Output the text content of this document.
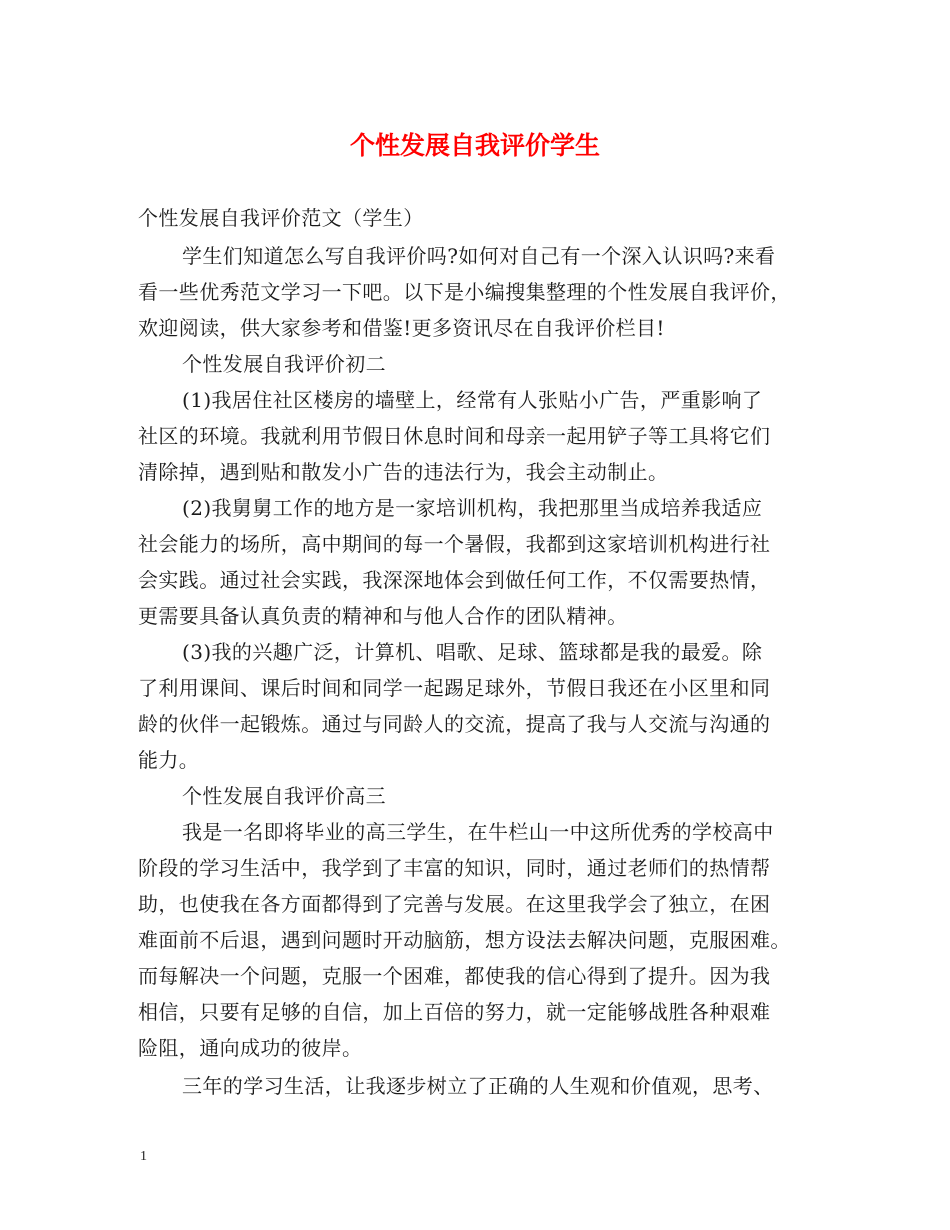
个性发展自我评价学生
个性发展自我评价范文（学生）
学生们知道怎么写自我评价吗?如何对自己有一个深入认识吗?来看
看一些优秀范文学习一下吧。以下是小编搜集整理的个性发展自我评价，
欢迎阅读，供大家参考和借鉴!更多资讯尽在自我评价栏目!
个性发展自我评价初二
(1)我居住社区楼房的墙壁上，经常有人张贴小广告，严重影响了
社区的环境。我就利用节假日休息时间和母亲一起用铲子等工具将它们
清除掉，遇到贴和散发小广告的违法行为，我会主动制止。
(2)我舅舅工作的地方是一家培训机构，我把那里当成培养我适应
社会能力的场所，高中期间的每一个暑假，我都到这家培训机构进行社
会实践。通过社会实践，我深深地体会到做任何工作，不仅需要热情，
更需要具备认真负责的精神和与他人合作的团队精神。
(3)我的兴趣广泛，计算机、唱歌、足球、篮球都是我的最爱。除
了利用课间、课后时间和同学一起踢足球外，节假日我还在小区里和同
龄的伙伴一起锻炼。通过与同龄人的交流，提高了我与人交流与沟通的
能力。
个性发展自我评价高三
我是一名即将毕业的高三学生，在牛栏山一中这所优秀的学校高中
阶段的学习生活中，我学到了丰富的知识，同时，通过老师们的热情帮
助，也使我在各方面都得到了完善与发展。在这里我学会了独立，在困
难面前不后退，遇到问题时开动脑筋，想方设法去解决问题，克服困难。
而每解决一个问题，克服一个困难，都使我的信心得到了提升。因为我
相信，只要有足够的自信，加上百倍的努力，就一定能够战胜各种艰难
险阻，通向成功的彼岸。
三年的学习生活，让我逐步树立了正确的人生观和价值观，思考、
1
